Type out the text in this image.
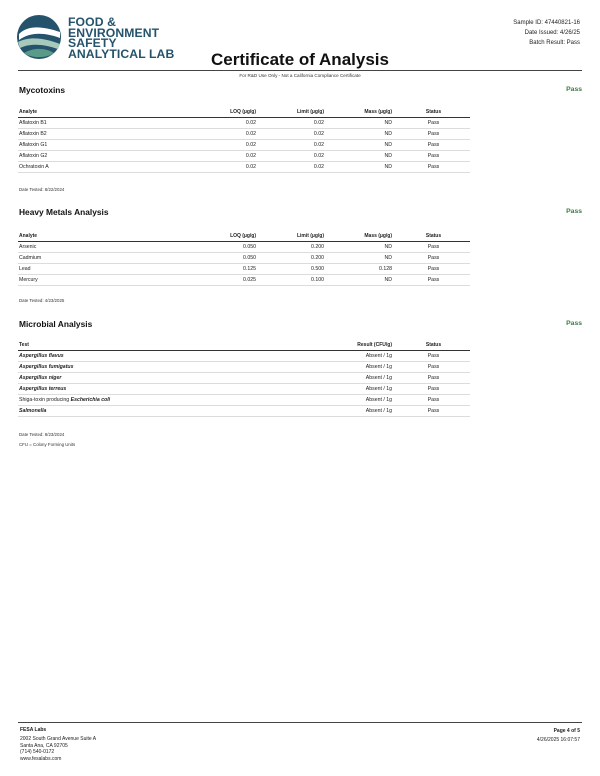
FOOD &
ENVIRONMENT
SAFETY
ANALYTICAL LAB	Certificate of Analysis
Sample ID: 47440821-16
Date Issued: 4/26/25
Batch Result: Pass
For R&D Use Only - Not a California Compliance Certificate
Mycotoxins	Pass
Analyte	LOQ (µg/g)	Limit (µg/g)	Mass (µg/g)	Status
Aflatoxin B1	0.02	0.02	ND	Pass
Aflatoxin B2	0.02	0.02	ND	Pass
Aflatoxin G1	0.02	0.02	ND	Pass
Aflatoxin G2	0.02	0.02	ND	Pass
Ochratoxin A	0.02	0.02	ND	Pass
Date Tested: 8/22/2024
Heavy Metals Analysis	Pass
Analyte	LOQ (µg/g)	Limit (µg/g)	Mass (µg/g)	Status
Arsenic	0.050	0.200	ND	Pass
Cadmium	0.050	0.200	ND	Pass
Lead	0.125	0.500	0.128	Pass
Mercury	0.025	0.100	ND	Pass
Date Tested: 4/23/2025
Microbial Analysis	Pass
Test	Result (CFU/g)	Status
Aspergillus flavus	Absent / 1g	Pass
Aspergillus fumigatus	Absent / 1g	Pass
Aspergillus niger	Absent / 1g	Pass
Aspergillus terreus	Absent / 1g	Pass
Shiga-toxin producing Escherichia coli	Absent / 1g	Pass
Salmonella	Absent / 1g	Pass
Date Tested: 8/23/2024
CFU = Colony Forming Units
FESA Labs
2002 South Grand Avenue Suite A
Santa Ana, CA 92705
(714) 540-0172
www.fesalabs.com
Page 4 of 5
4/26/2025 16:07:57
